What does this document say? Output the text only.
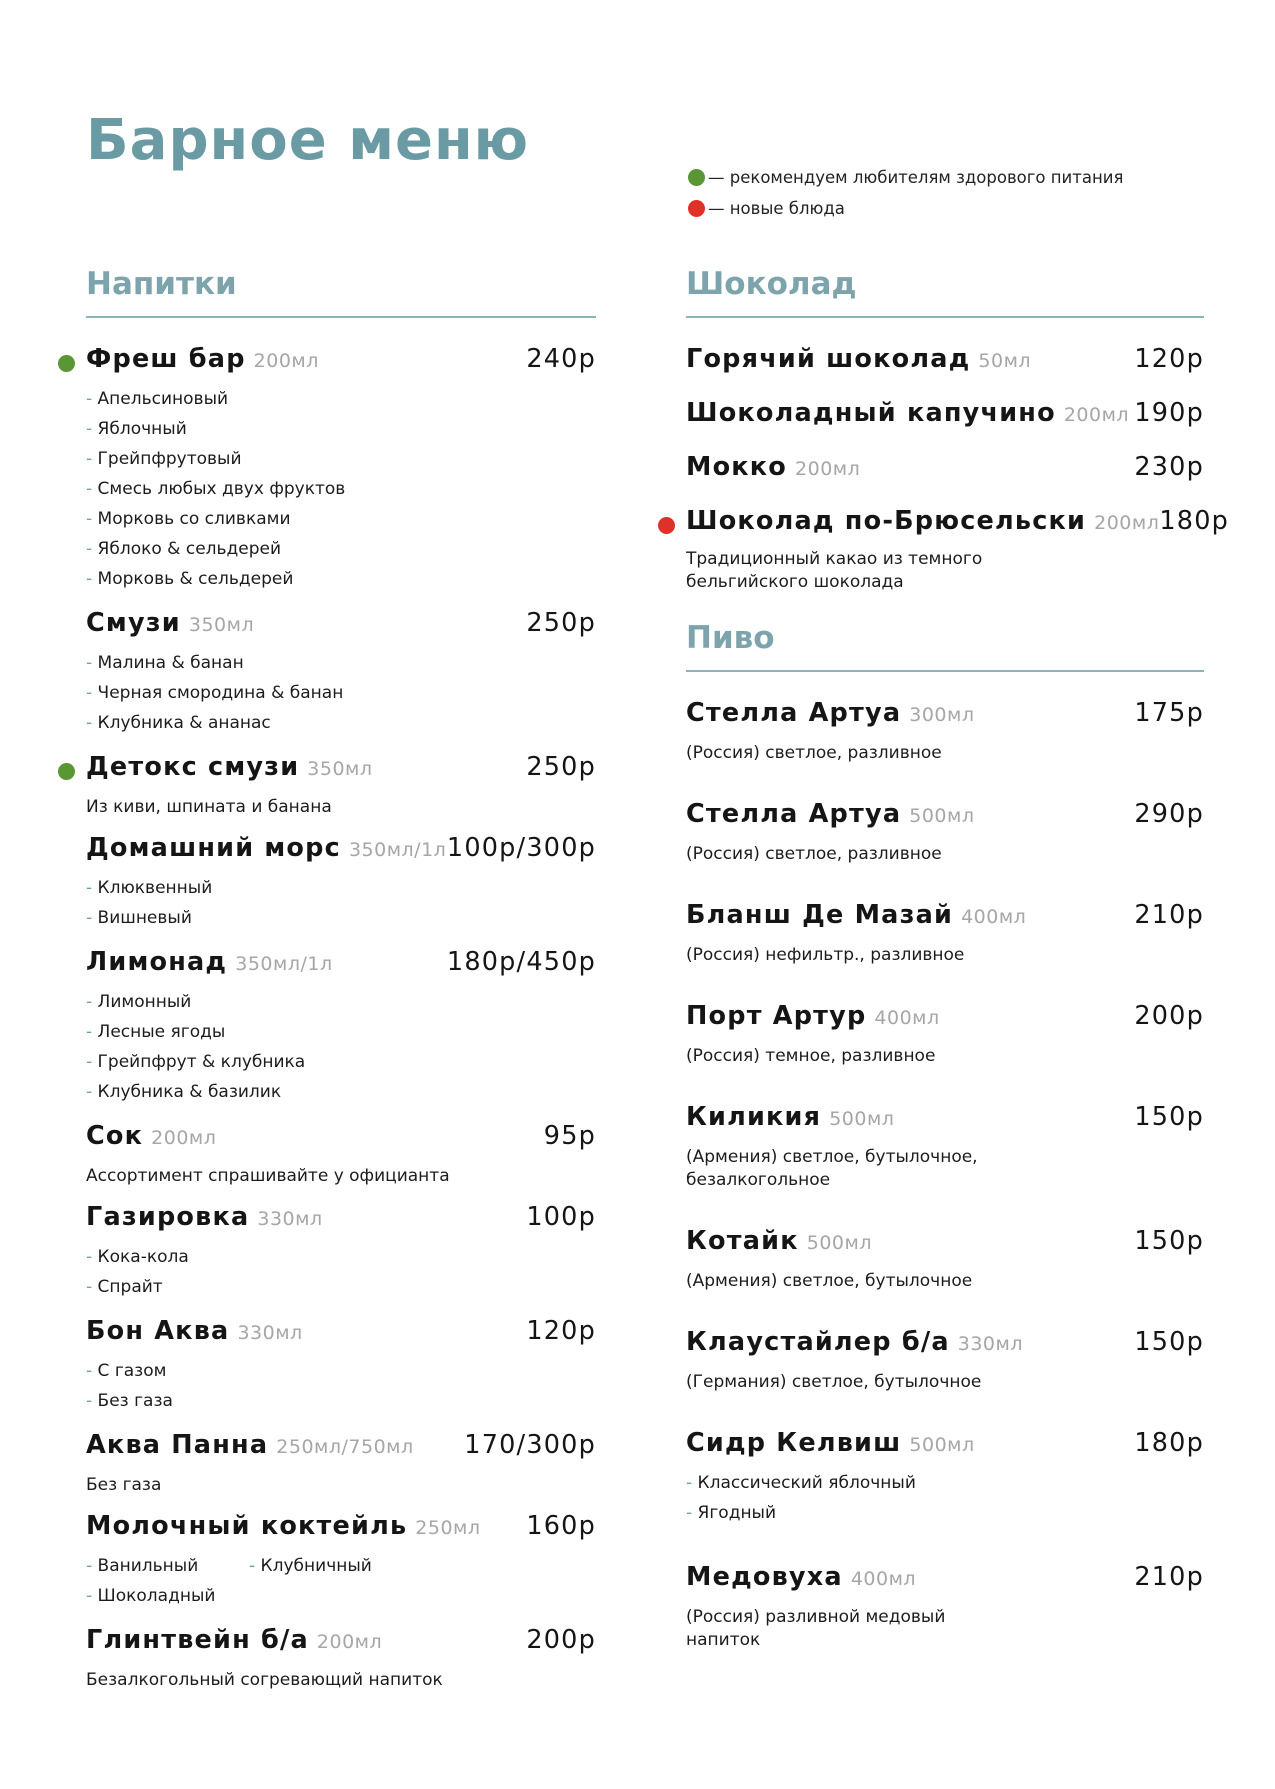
Барное меню
— рекомендуем любителям здорового питания
— новые блюда
Напитки
Фреш бар 200мл	240р
- Апельсиновый
- Яблочный
- Грейпфрутовый
- Смесь любых двух фруктов
- Морковь со сливками
- Яблоко & сельдерей
- Морковь & сельдерей
Смузи 350мл	250р
- Малина & банан
- Черная смородина & банан
- Клубника & ананас
Детокс смузи 350мл	250р
Из киви, шпината и банана
Домашний морс 350мл/1л 100р/300р
- Клюквенный
- Вишневый
Лимонад 350мл/1л	180р/450р
- Лимонный
- Лесные ягоды
- Грейпфрут & клубника
- Клубника & базилик
Сок 200мл	95р
Ассортимент спрашивайте у официанта
Газировка 330мл	100р
- Кока-кола
- Спрайт
Бон Аква 330мл	120р
- С газом
- Без газа
Аква Панна 250мл/750мл 170/300р
Без газа
Молочный коктейль 250мл 160р
- Ванильный
-	Клубничный
- Шоколадный
Глинтвейн б/а 200мл	200р
Безалкогольный согревающий напиток
Шоколад
Горячий шоколад 50мл	120р
Шоколадный капучино 200мл 190р
Мокко 200мл	230р
Шоколад по-Брюсельски 200мл 180р
Традиционный какао из темного бельгийского шоколада
Пиво
Стелла Артуа 300мл	175р
(Россия) светлое, разливное
Стелла Артуа 500мл	290р
(Россия) светлое, разливное
Бланш Де Мазай 400мл	210р
(Россия) нефильтр., разливное
Порт Артур 400мл	200р
(Россия) темное, разливное
Киликия 500мл	150р
(Армения) светлое, бутылочное, безалкогольное
Котайк 500мл	150р
(Армения) светлое, бутылочное
Клаустайлер б/а 330мл	150р
(Германия) светлое, бутылочное
Сидр Келвиш 500мл	180р
- Классический яблочный
- Ягодный
Медовуха 400мл	210р
(Россия) разливной медовый напиток
